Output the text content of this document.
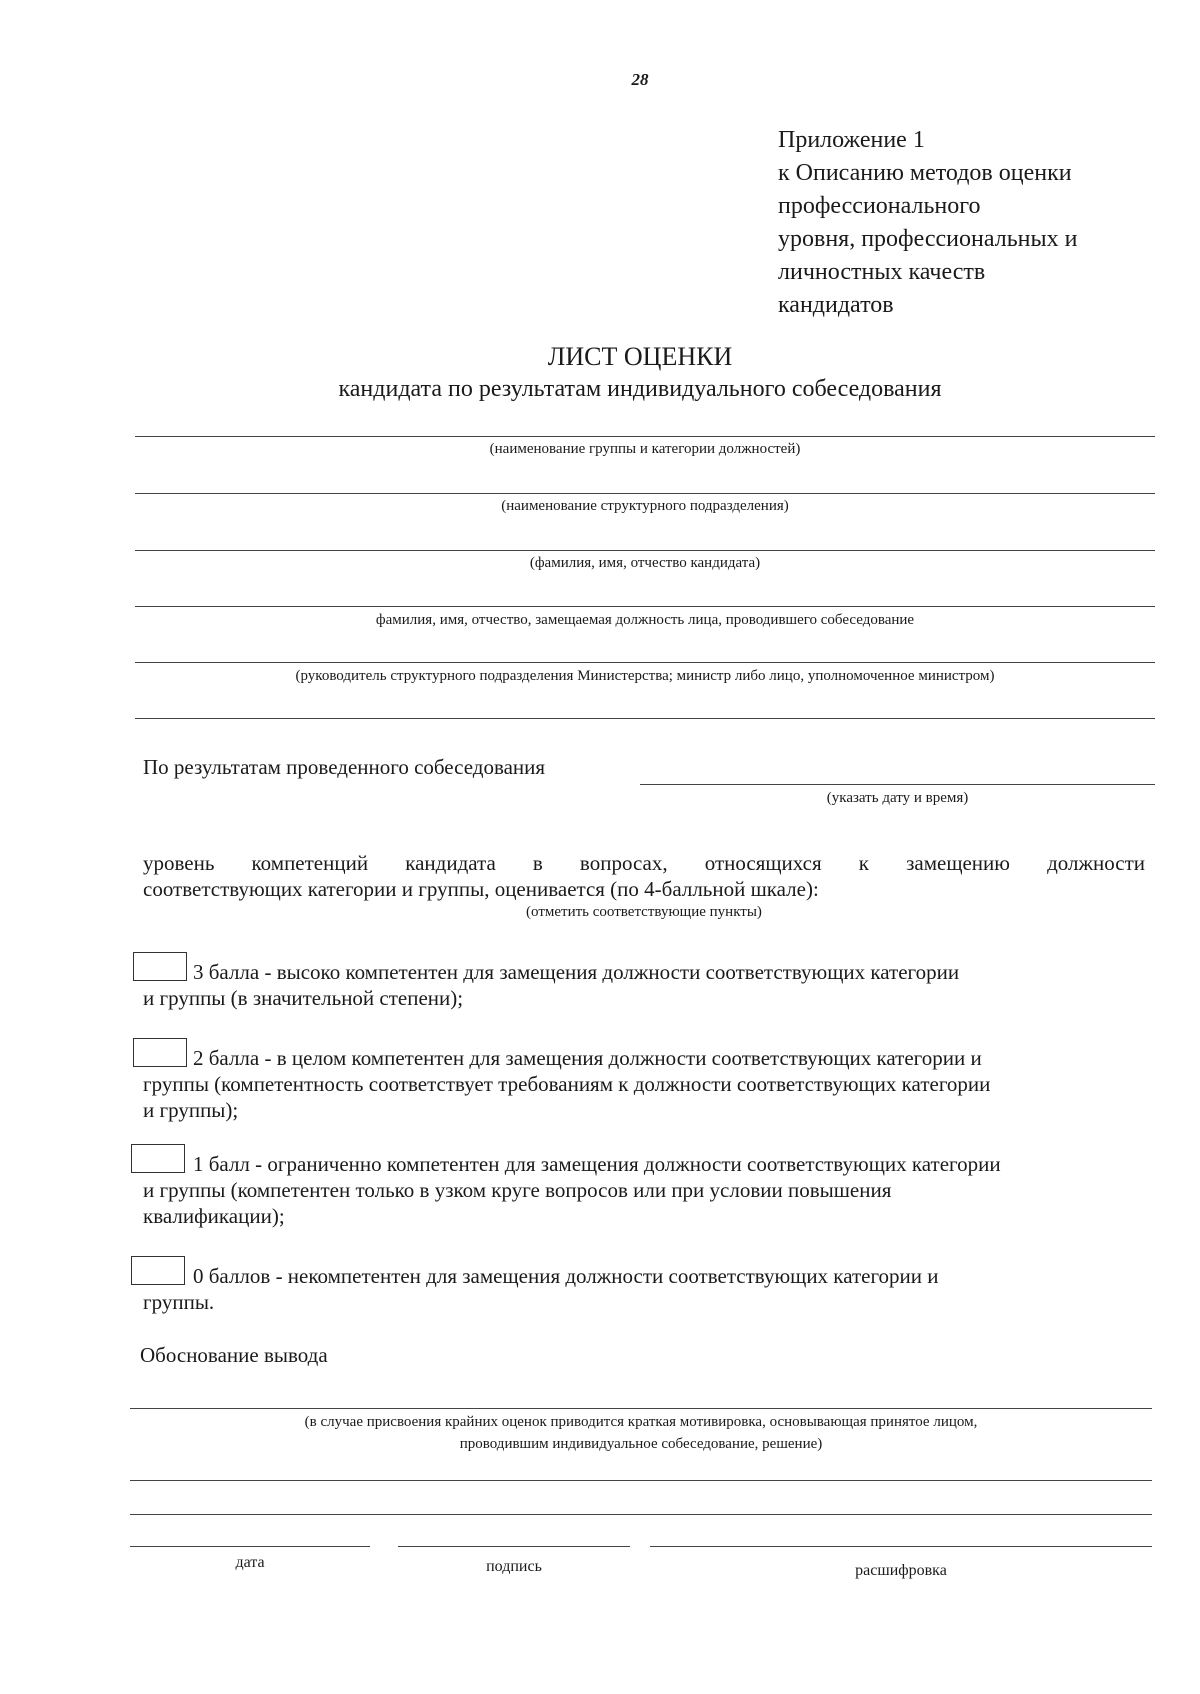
28
Приложение 1
к Описанию методов оценки
профессионального
уровня, профессиональных и
личностных качеств
кандидатов
ЛИСТ ОЦЕНКИ
кандидата по результатам индивидуального собеседования
(наименование группы и категории должностей)
(наименование структурного подразделения)
(фамилия, имя, отчество кандидата)
фамилия, имя, отчество, замещаемая должность лица, проводившего собеседование
(руководитель структурного подразделения Министерства; министр либо лицо, уполномоченное министром)
По результатам проведенного собеседования
(указать дату и время)
уровень компетенций кандидата в вопросах, относящихся к замещению должности
соответствующих категории и группы, оценивается (по 4-балльной шкале):
(отметить соответствующие пункты)
3 балла - высоко компетентен для замещения должности соответствующих категории
и группы (в значительной степени);
2 балла - в целом компетентен для замещения должности соответствующих категории и
группы (компетентность соответствует требованиям к должности соответствующих категории
и группы);
1 балл - ограниченно компетентен для замещения должности соответствующих категории
и группы (компетентен только в узком круге вопросов или при условии повышения
квалификации);
0 баллов - некомпетентен для замещения должности соответствующих категории и
группы.
Обоснование вывода
(в случае присвоения крайних оценок приводится краткая мотивировка, основывающая принятое лицом,
проводившим индивидуальное собеседование, решение)
дата	подпись	расшифровка
